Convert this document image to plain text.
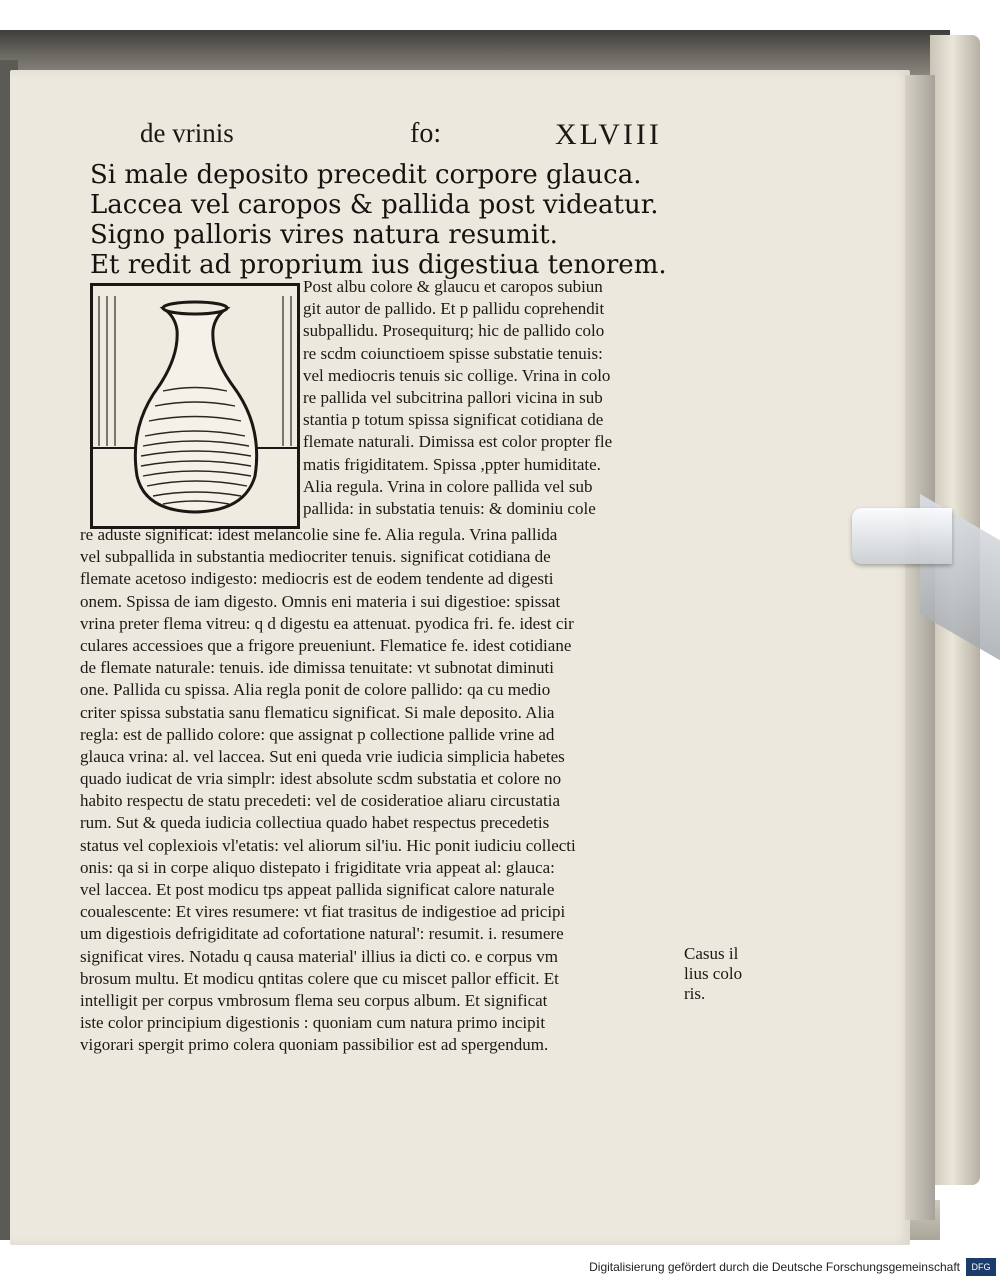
de vrinis	fo:	XLVIII
Si male deposito precedit corpore glauca.
Laccea vel caropos & pallida post videatur.
Signo palloris vires natura resumit.
Et redit ad proprium ius digestiua tenorem.
Post albu colore & glaucu et caropos subiun
git autor de pallido. Et p pallidu coprehendit
subpallidu. Prosequiturq; hic de pallido colo
re scdm coiunctioem spisse substatie tenuis:
vel mediocris tenuis sic collige. Vrina in colo
re pallida vel subcitrina pallori vicina in sub
stantia p totum spissa significat cotidiana de
flemate naturali. Dimissa est color propter fle
matis frigiditatem. Spissa ,ppter humiditate.
Alia regula. Vrina in colore pallida vel sub
pallida: in substatia tenuis: & dominiu cole
re aduste significat: idest melancolie sine fe. Alia regula. Vrina pallida
vel subpallida in substantia mediocriter tenuis. significat cotidiana de
flemate acetoso indigesto: mediocris est de eodem tendente ad digesti
onem. Spissa de iam digesto. Omnis eni materia i sui digestioe: spissat
vrina preter flema vitreu: q d digestu ea attenuat. pyodica fri. fe. idest cir
culares accessioes que a frigore preueniunt. Flematice fe. idest cotidiane
de flemate naturale: tenuis. ide dimissa tenuitate: vt subnotat diminuti
one. Pallida cu spissa. Alia regla ponit de colore pallido: qa cu medio
criter spissa substatia sanu flematicu significat. Si male deposito. Alia
regla: est de pallido colore: que assignat p collectione pallide vrine ad
glauca vrina: al. vel laccea. Sut eni queda vrie iudicia simplicia habetes
quado iudicat de vria simplr: idest absolute scdm substatia et colore no
habito respectu de statu precedeti: vel de cosideratioe aliaru circustatia
rum. Sut & queda iudicia collectiua quado habet respectus precedetis
status vel coplexiois vl'etatis: vel aliorum sil'iu. Hic ponit iudiciu collecti
onis: qa si in corpe aliquo distepato i frigiditate vria appeat al: glauca:
vel laccea. Et post modicu tps appeat pallida significat calore naturale
coualescente: Et vires resumere: vt fiat trasitus de indigestioe ad pricipi
um digestiois defrigiditate ad cofortatione natural': resumit. i. resumere
significat vires. Notadu q causa material' illius ia dicti co. e corpus vm
brosum multu. Et modicu qntitas colere que cu miscet pallor efficit. Et
intelligit per corpus vmbrosum flema seu corpus album. Et significat
iste color principium digestionis : quoniam cum natura primo incipit
vigorari spergit primo colera quoniam passibilior est ad spergendum.
Casus il
lius colo
ris.
Digitalisierung gefördert durch die Deutsche Forschungsgemeinschaft	DFG
